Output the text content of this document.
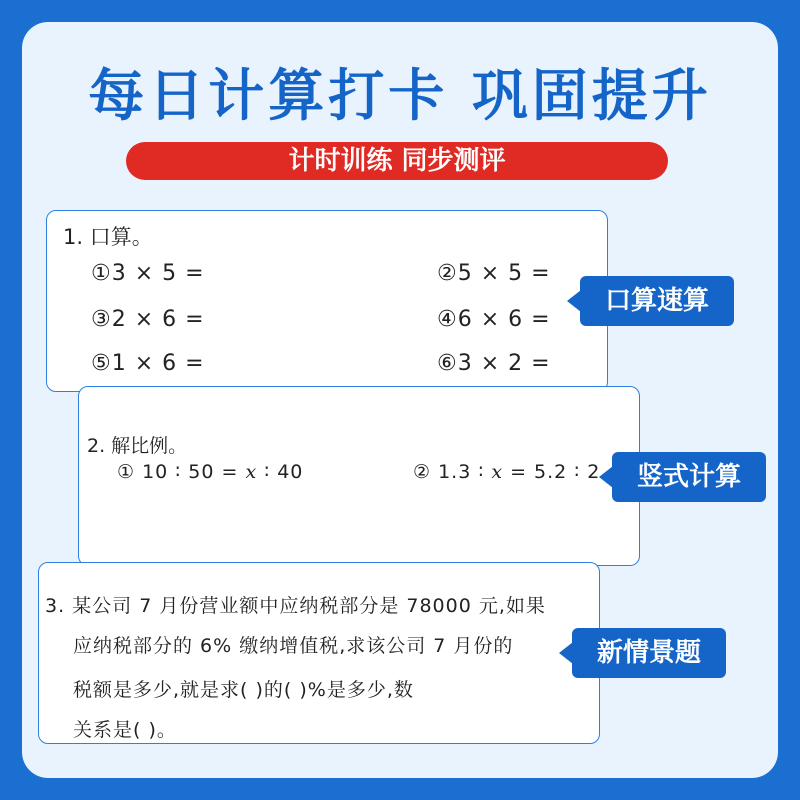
每日计算打卡 巩固提升
计时训练 同步测评
1. 口算。
①3 × 5 =	②5 × 5 =
③2 × 6 =	④6 × 6 =
⑤1 × 6 =	⑥3 × 2 =
2. 解比例。
① 10 ∶ 50 = x ∶ 40	② 1.3 ∶ x = 5.2 ∶ 2
3. 某公司 7 月份营业额中应纳税部分是 78000 元,如果
应纳税部分的 6% 缴纳增值税,求该公司 7 月份的
税额是多少,就是求( )的( )%是多少,数
关系是( )。
口算速算
竖式计算
新情景题
